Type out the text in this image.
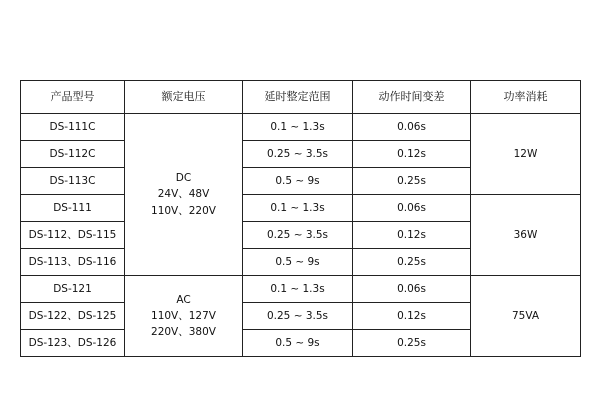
产品型号	额定电压	延时整定范围	动作时间变差	功率消耗
DS-111C	DC
24V、48V
110V、220V	0.1 ~ 1.3s	0.06s	12W
DS-112C		0.25 ~ 3.5s	0.12s	
DS-113C		0.5 ~ 9s	0.25s	
DS-111		0.1 ~ 1.3s	0.06s	36W
DS-112、DS-115		0.25 ~ 3.5s	0.12s	
DS-113、DS-116		0.5 ~ 9s	0.25s	
DS-121	AC
110V、127V
220V、380V	0.1 ~ 1.3s	0.06s	75VA
DS-122、DS-125		0.25 ~ 3.5s	0.12s	
DS-123、DS-126		0.5 ~ 9s	0.25s	
